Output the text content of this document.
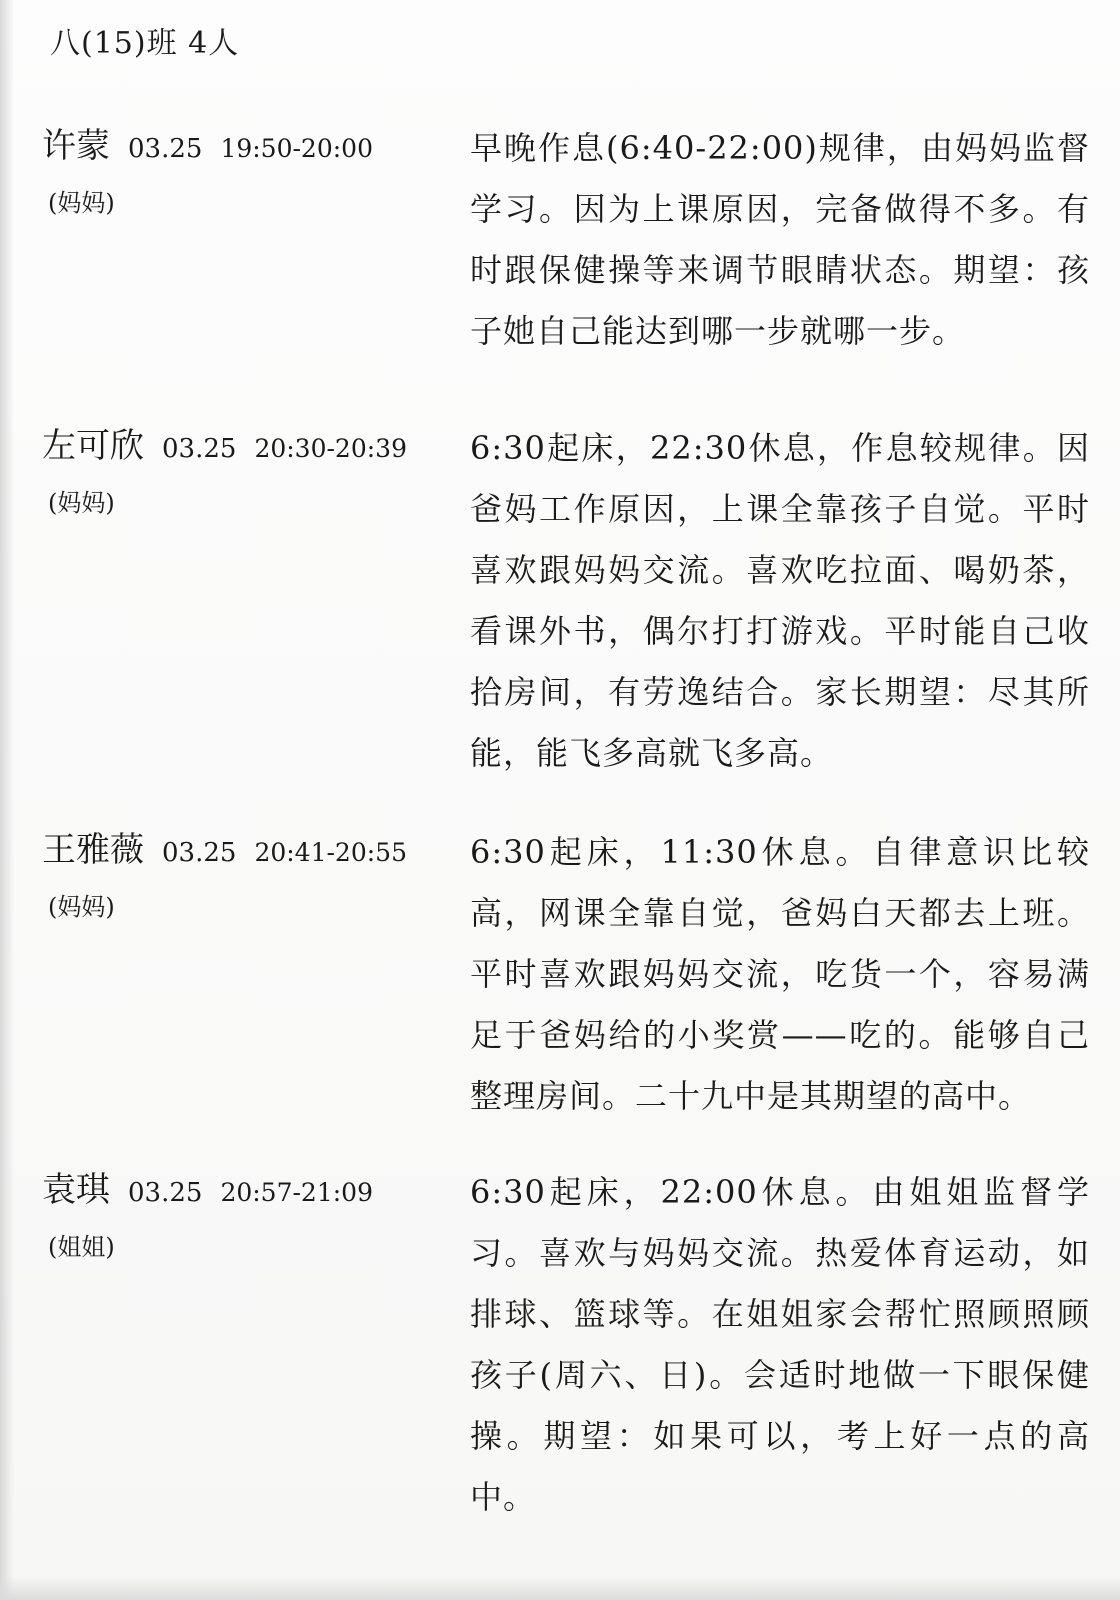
八(15)班 4人
许蒙 03.25 19:50-20:00
(妈妈)
早晚作息(6:40-22:00)规律，由妈妈监督学习。因为上课原因，完备做得不多。有时跟保健操等来调节眼睛状态。期望：孩子她自己能达到哪一步就哪一步。
左可欣 03.25 20:30-20:39
(妈妈)
6:30起床，22:30休息，作息较规律。因爸妈工作原因，上课全靠孩子自觉。平时喜欢跟妈妈交流。喜欢吃拉面、喝奶茶，看课外书，偶尔打打游戏。平时能自己收拾房间，有劳逸结合。家长期望：尽其所能，能飞多高就飞多高。
王雅薇 03.25 20:41-20:55
(妈妈)
6:30起床，11:30休息。自律意识比较高，网课全靠自觉，爸妈白天都去上班。平时喜欢跟妈妈交流，吃货一个，容易满足于爸妈给的小奖赏——吃的。能够自己整理房间。二十九中是其期望的高中。
袁琪 03.25 20:57-21:09
(姐姐)
6:30起床，22:00休息。由姐姐监督学习。喜欢与妈妈交流。热爱体育运动，如排球、篮球等。在姐姐家会帮忙照顾照顾孩子(周六、日)。会适时地做一下眼保健操。期望：如果可以，考上好一点的高中。
